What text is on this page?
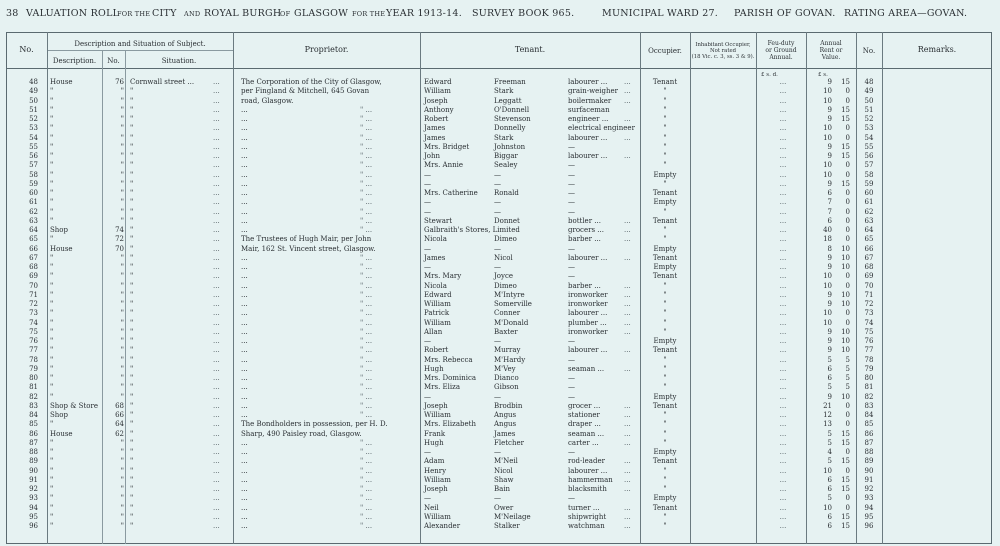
38 VALUATION ROLL
FOR THE CITY AND ROYAL BURGH
OF GLASGOW FOR THE YEAR 1913-14. SURVEY BOOK 965.	MUNICIPAL WARD 27. PARISH OF GOVAN. RATING AREA—GOVAN.
No.
Description and Situation of Subject.
Description.	No.	Situation.
Proprietor.	Tenant.	Occupier.
Inhabitant Occupier,
Not rated
(18 Vic. c. 3, ss. 3 & 9).
Feu-duty
or Ground
Annual.
Annual
Rent or
Value.
No.	Remarks.
£ s. d.	£ s.
48 House	76 Cornwall street ...	...	The Corporation of the City of Glasgow,	Edward	Freeman	labourer ...	...	Tenant	...	9	15	48
49 "	" "	...	per Fingland & Mitchell, 645 Govan	William	Stark	grain-weigher ...	"	...	10	0	49
50 "	" "	...	road, Glasgow.	Joseph	Leggatt	boilermaker	...	"	...	10	0	50
51 "	" "	...	...	" ...	Anthony	O'Donnell	surfaceman	"	...	9	15	51
52 "	" "	...	...	" ...	Robert	Stevenson	engineer ...	...	"	...	9	15	52
53 "	" "	...	...	" ...	James	Donnelly	electrical engineer	"	...	10	0	53
54 "	" "	...	...	" ...	James	Stark	labourer ...	...	"	...	10	0	54
55 "	" "	...	...	" ...	Mrs. Bridget	Johnston	—	"	...	9	15	55
56 "	" "	...	...	" ...	John	Biggar	labourer ...	...	"	...	9	15	56
57 "	" "	...	...	" ...	Mrs. Annie	Sealey	—	"	...	10	0	57
58 "	" "	...	...	" ...	—	—	—	Empty	...	10	0	58
59 "	" "	...	...	" ...	—	—	—	"	...	9	15	59
60 "	" "	...	...	" ...	Mrs. Catherine	Ronald	—	Tenant	...	6	0	60
61 "	" "	...	...	" ...	—	—	—	Empty	...	7	0	61
62 "	" "	...	...	" ...	—	—	—	"	...	7	0	62
63 "	" "	...	...	" ...	Stewart	Donnet	bottler ...	...	Tenant	...	6	0	63
64 Shop	74 "	...	...	" ...	Galbraith's Stores, Limited	grocers ...	...	"	...	40	0	64
65 "	72 "	...	The Trustees of Hugh Mair, per John	Nicola	Dimeo	barber ...	...	"	...	18	0	65
66 House	70 "	...	Mair, 162 St. Vincent street, Glasgow.	—	—	—	Empty	...	8	10	66
67 "	" "	...	...	" ...	James	Nicol	labourer ...	...	Tenant	...	9	10	67
68 "	" "	...	...	" ...	—	—	—	Empty	...	9	10	68
69 "	" "	...	...	" ...	Mrs. Mary	Joyce	—	Tenant	...	10	0	69
70 "	" "	...	...	" ...	Nicola	Dimeo	barber ...	...	"	...	10	0	70
71 "	" "	...	...	" ...	Edward	M'Intyre	ironworker	...	"	...	9	10	71
72 "	" "	...	...	" ...	William	Somerville	ironworker	...	"	...	9	10	72
73 "	" "	...	...	" ...	Patrick	Conner	labourer ...	...	"	...	10	0	73
74 "	" "	...	...	" ...	William	M'Donald	plumber ...	...	"	...	10	0	74
75 "	" "	...	...	" ...	Allan	Baxter	ironworker	...	"	...	9	10	75
76 "	" "	...	...	" ...	—	—	—	Empty	...	9	10	76
77 "	" "	...	...	" ...	Robert	Murray	labourer ...	...	Tenant	...	9	10	77
78 "	" "	...	...	" ...	Mrs. Rebecca	M'Hardy	—	"	...	5	5	78
79 "	" "	...	...	" ...	Hugh	M'Vey	seaman ...	...	"	...	6	5	79
80 "	" "	...	...	" ...	Mrs. Dominica	Dianco	—	"	...	6	5	80
81 "	" "	...	...	" ...	Mrs. Eliza	Gibson	—	"	...	5	5	81
82 "	" "	...	...	" ...	—	—	—	Empty	...	9	10	82
83 Shop & Store	68 "	...	...	" ...	Joseph	Brodbin	grocer ...	...	Tenant	...	21	0	83
84 Shop	66 "	...	...	" ...	William	Angus	stationer	...	"	...	12	0	84
85 "	64 "	...	The Bondholders in possession, per H. D.	Mrs. Elizabeth	Angus	draper ...	...	"	...	13	0	85
86 House	62 "	...	Sharp, 490 Paisley road, Glasgow.	Frank	James	seaman ...	...	"	...	5	15	86
87 "	" "	...	...	" ...	Hugh	Fletcher	carter ...	...	"	...	5	15	87
88 "	" "	...	...	" ...	—	—	—	Empty	...	4	0	88
89 "	" "	...	...	" ...	Adam	M'Neil	rod-leader	...	Tenant	...	5	15	89
90 "	" "	...	...	" ...	Henry	Nicol	labourer ...	...	"	...	10	0	90
91 "	" "	...	...	" ...	William	Shaw	hammerman	...	"	...	6	15	91
92 "	" "	...	...	" ...	Joseph	Bain	blacksmith	...	"	...	6	15	92
93 "	" "	...	...	" ...	—	—	—	Empty	...	5	0	93
94 "	" "	...	...	" ...	Neil	Ower	turner ...	...	Tenant	...	10	0	94
95 "	" "	...	...	" ...	William	M'Neilage	shipwright	...	"	...	6	15	95
96 "	" "	...	...	" ...	Alexander	Stalker	watchman	...	"	...	6	15	96
